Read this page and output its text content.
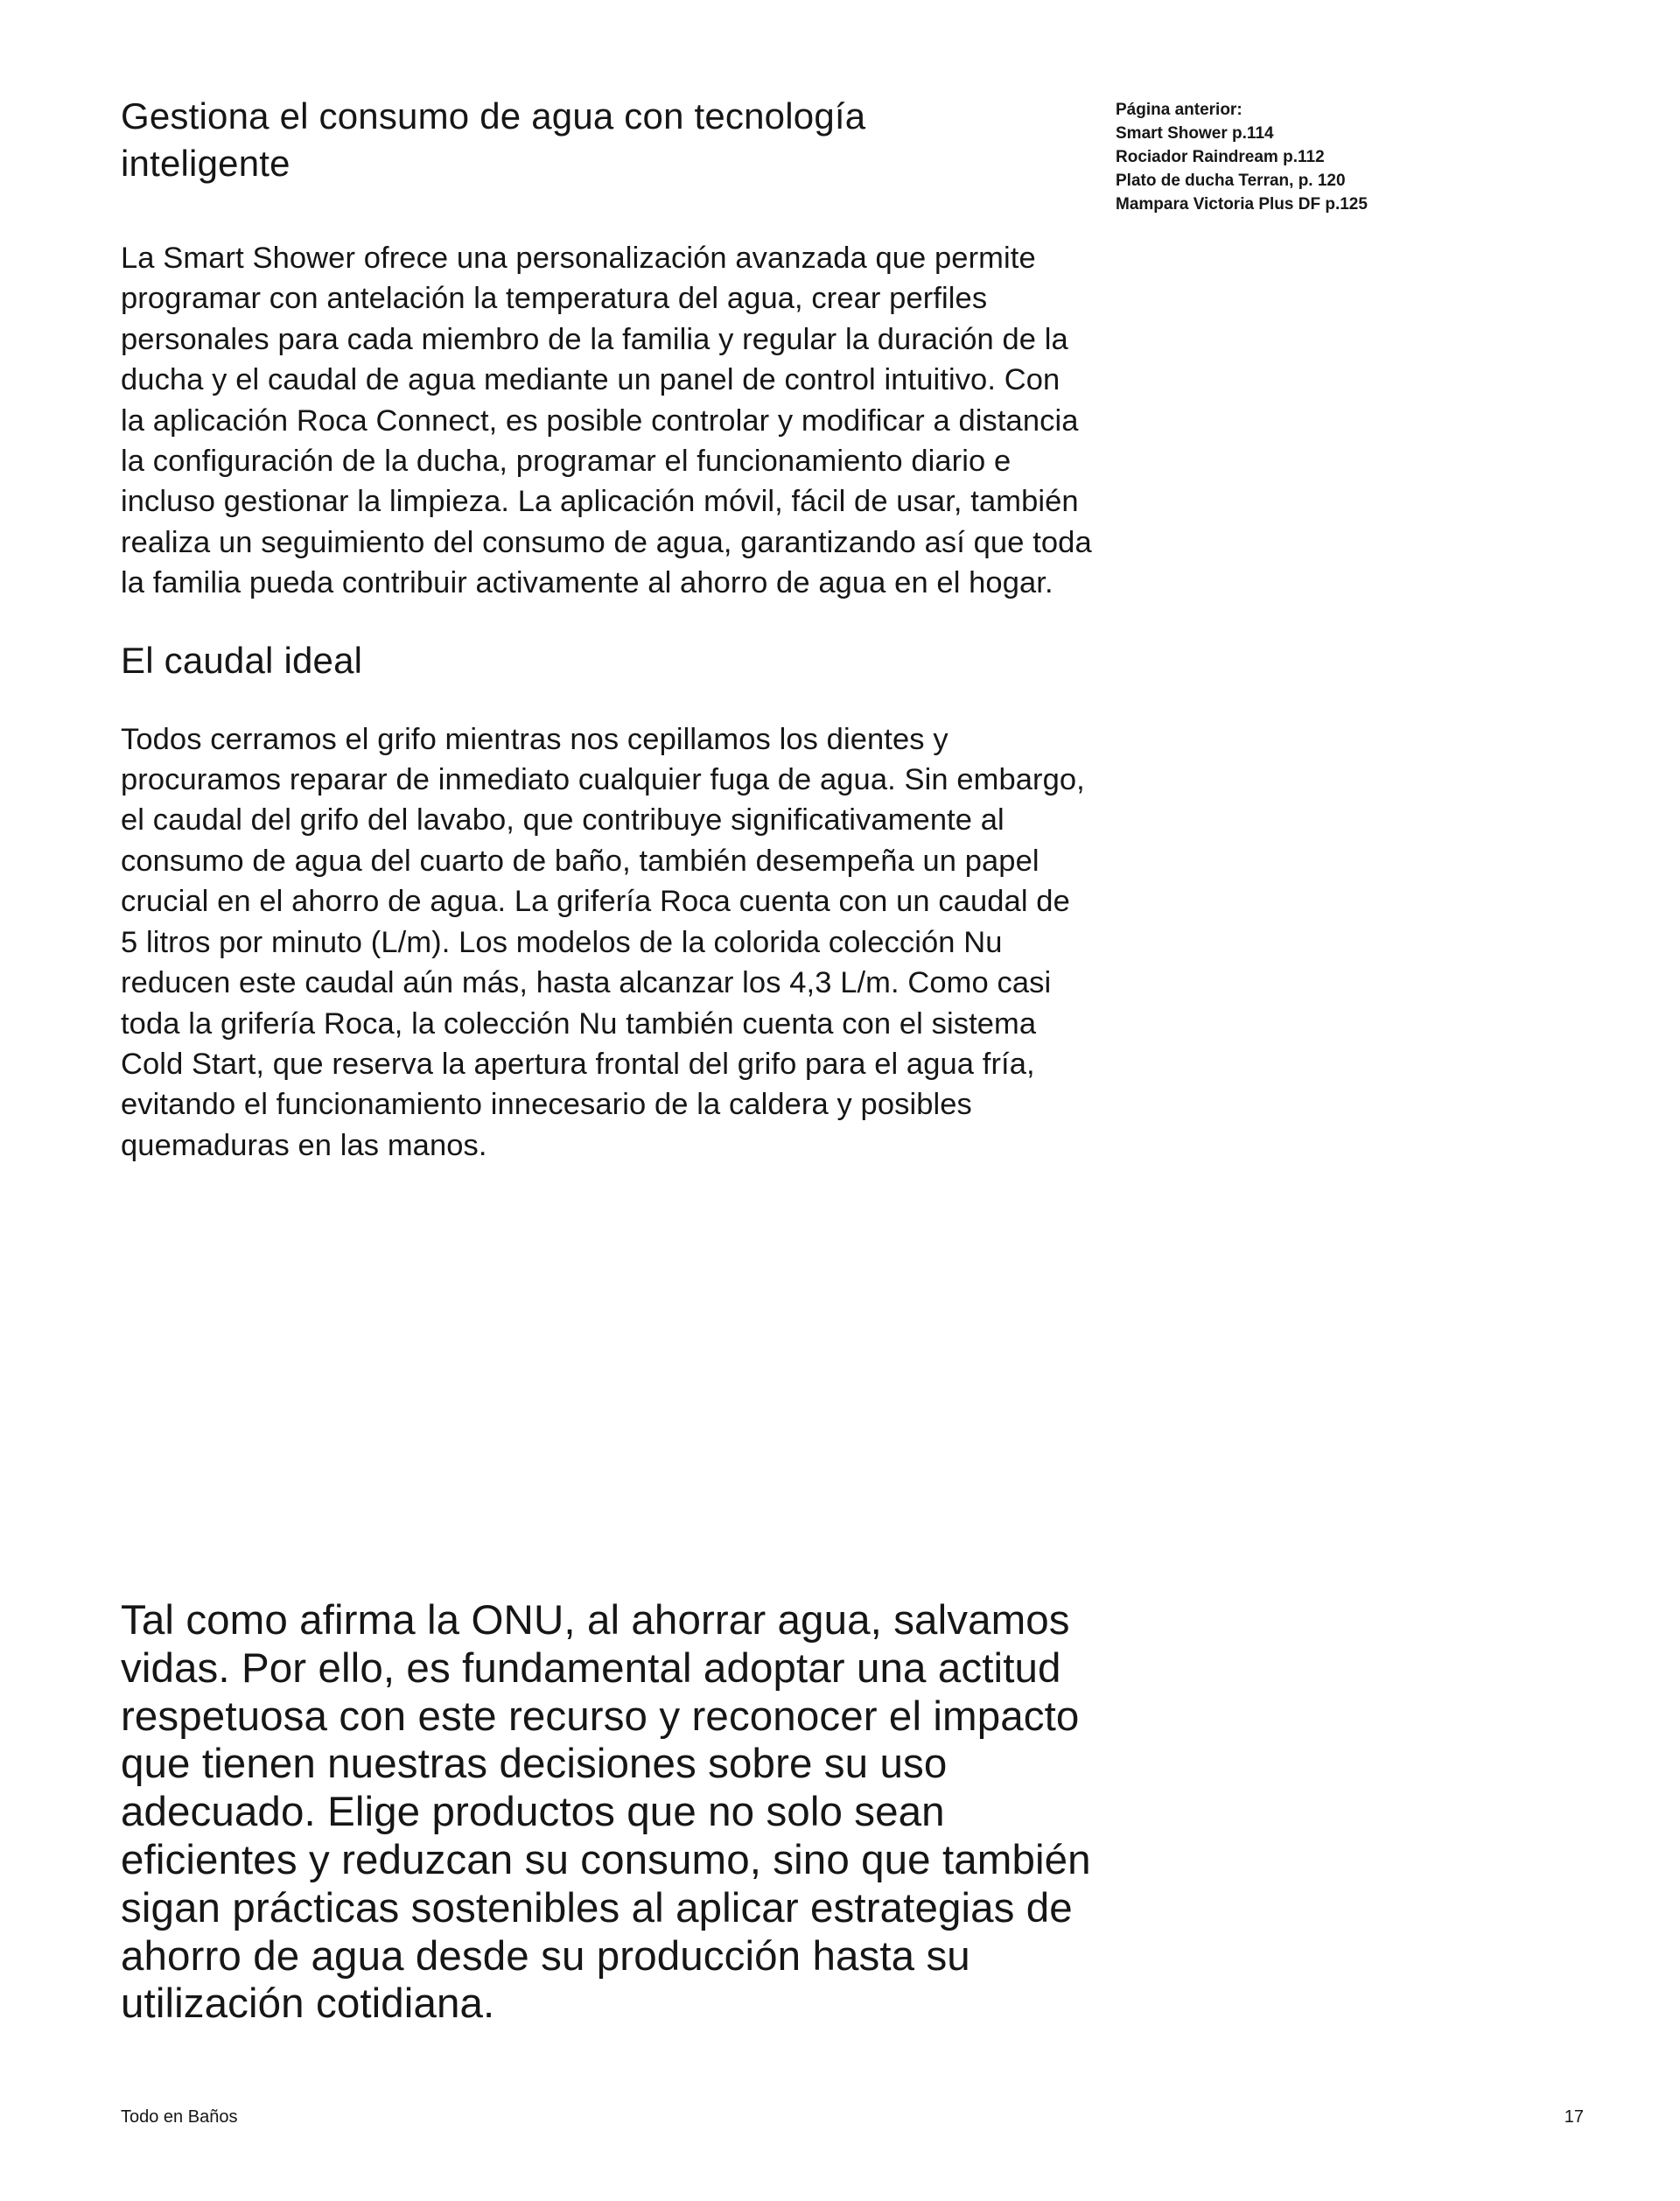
Gestiona el consumo de agua con tecnología inteligente

La Smart Shower ofrece una personalización avanzada que permite programar con antelación la temperatura del agua, crear perfiles personales para cada miembro de la familia y regular la duración de la ducha y el caudal de agua mediante un panel de control intuitivo. Con la aplicación Roca Connect, es posible controlar y modificar a distancia la configuración de la ducha, programar el funcionamiento diario e incluso gestionar la limpieza. La aplicación móvil, fácil de usar, también realiza un seguimiento del consumo de agua, garantizando así que toda la familia pueda contribuir activamente al ahorro de agua en el hogar.

El caudal ideal

Todos cerramos el grifo mientras nos cepillamos los dientes y procuramos reparar de inmediato cualquier fuga de agua. Sin embargo, el caudal del grifo del lavabo, que contribuye significativamente al consumo de agua del cuarto de baño, también desempeña un papel crucial en el ahorro de agua. La grifería Roca cuenta con un caudal de 5 litros por minuto (L/m). Los modelos de la colorida colección Nu reducen este caudal aún más, hasta alcanzar los 4,3 L/m. Como casi toda la grifería Roca, la colección Nu también cuenta con el sistema Cold Start, que reserva la apertura frontal del grifo para el agua fría, evitando el funcionamiento innecesario de la caldera y posibles quemaduras en las manos.

Tal como afirma la ONU, al ahorrar agua, salvamos vidas. Por ello, es fundamental adoptar una actitud respetuosa con este recurso y reconocer el impacto que tienen nuestras decisiones sobre su uso adecuado. Elige productos que no solo sean eficientes y reduzcan su consumo, sino que también sigan prácticas sostenibles al aplicar estrategias de ahorro de agua desde su producción hasta su utilización cotidiana.

Página anterior:
Smart Shower p.114
Rociador Raindream p.112
Plato de ducha Terran, p. 120
Mampara Victoria Plus DF p.125
Todo en Baños	17
